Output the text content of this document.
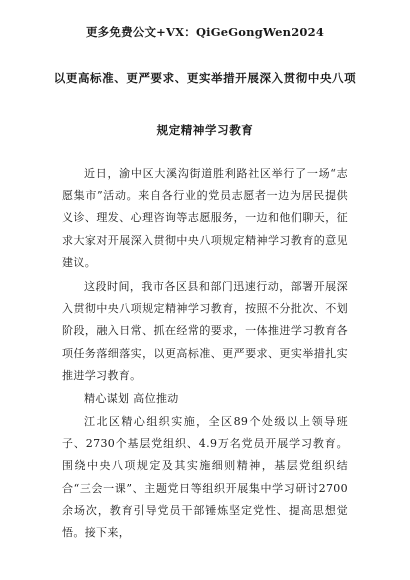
更多免费公文+VX：QiGeGongWen2024
以更高标准、更严要求、更实举措开展深入贯彻中央八项
规定精神学习教育

近日，渝中区大溪沟街道胜利路社区举行了一场“志愿集市”活动。来自各行业的党员志愿者一边为居民提供义诊、理发、心理咨询等志愿服务，一边和他们聊天，征求大家对开展深入贯彻中央八项规定精神学习教育的意见建议。

这段时间，我市各区县和部门迅速行动，部署开展深入贯彻中央八项规定精神学习教育，按照不分批次、不划阶段，融入日常、抓在经常的要求，一体推进学习教育各项任务落细落实，以更高标准、更严要求、更实举措扎实推进学习教育。

精心谋划 高位推动

江北区精心组织实施，全区89个处级以上领导班子、2730个基层党组织、4.9万名党员开展学习教育。围绕中央八项规定及其实施细则精神，基层党组织结合“三会一课”、主题党日等组织开展集中学习研讨2700余场次，教育引导党员干部锤炼坚定党性、提高思想觉悟。接下来，
